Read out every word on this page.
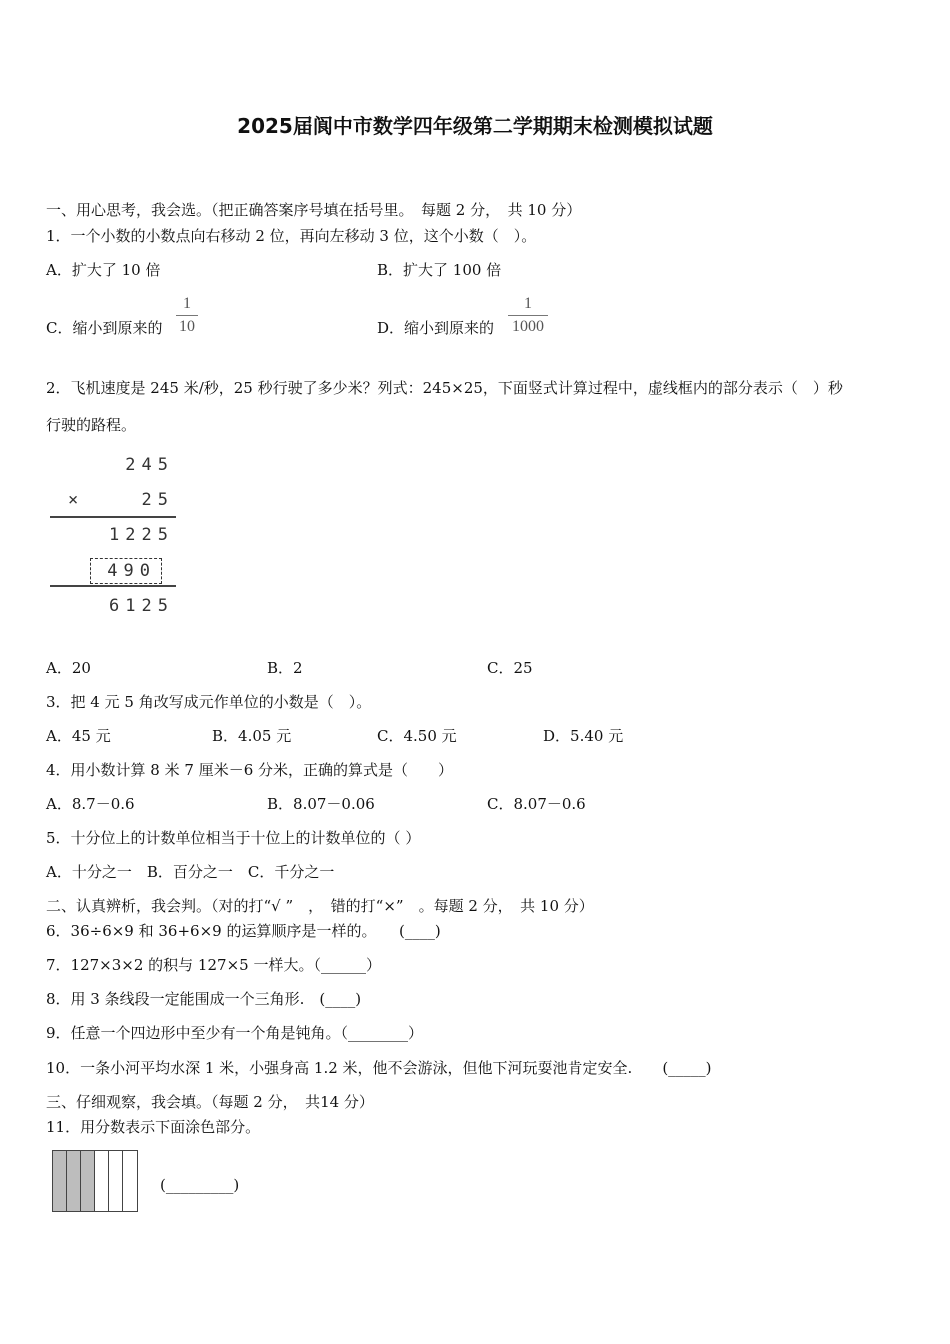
2025届阆中市数学四年级第二学期期末检测模拟试题
一、用心思考，我会选。（把正确答案序号填在括号里。　每题 2 分，　共 10 分）
1．一个小数的小数点向右移动 2 位，再向左移动 3 位，这个小数（　）。
A．扩大了 10 倍	B．扩大了 100 倍
C．缩小到原来的
1
10	D．缩小到原来的
1
1000
2．飞机速度是 245 米/秒，25 秒行驶了多少米？列式：245×25，下面竖式计算过程中，虚线框内的部分表示（　）秒
行驶的路程。
245
×	25
1225
490
6125
A．20	B．2	C．25
3．把 4 元 5 角改写成元作单位的小数是（　）。
A．45 元	B．4.05 元	C．4.50 元	D．5.40 元
4．用小数计算 8 米 7 厘米－6 分米，正确的算式是（　　）
A．8.7－0.6	B．8.07－0.06	C．8.07－0.6
5．十分位上的计数单位相当于十位上的计数单位的（ ）
A．十分之一　B．百分之一　C．千分之一
二、认真辨析，我会判。（对的打“√ ”　，　错的打“×”　。每题 2 分，　共 10 分）
6．36÷6×9 和 36+6×9 的运算顺序是一样的。　　(____)
7．127×3×2 的积与 127×5 一样大。（______）
8．用 3 条线段一定能围成一个三角形.　(____)
9．任意一个四边形中至少有一个角是钝角。（________）
10．一条小河平均水深 1 米，小强身高 1.2 米，他不会游泳，但他下河玩耍池肯定安全.　　(_____)
三、仔细观察，我会填。（每题 2 分，　共14 分）
11．用分数表示下面涂色部分。
(_________)
